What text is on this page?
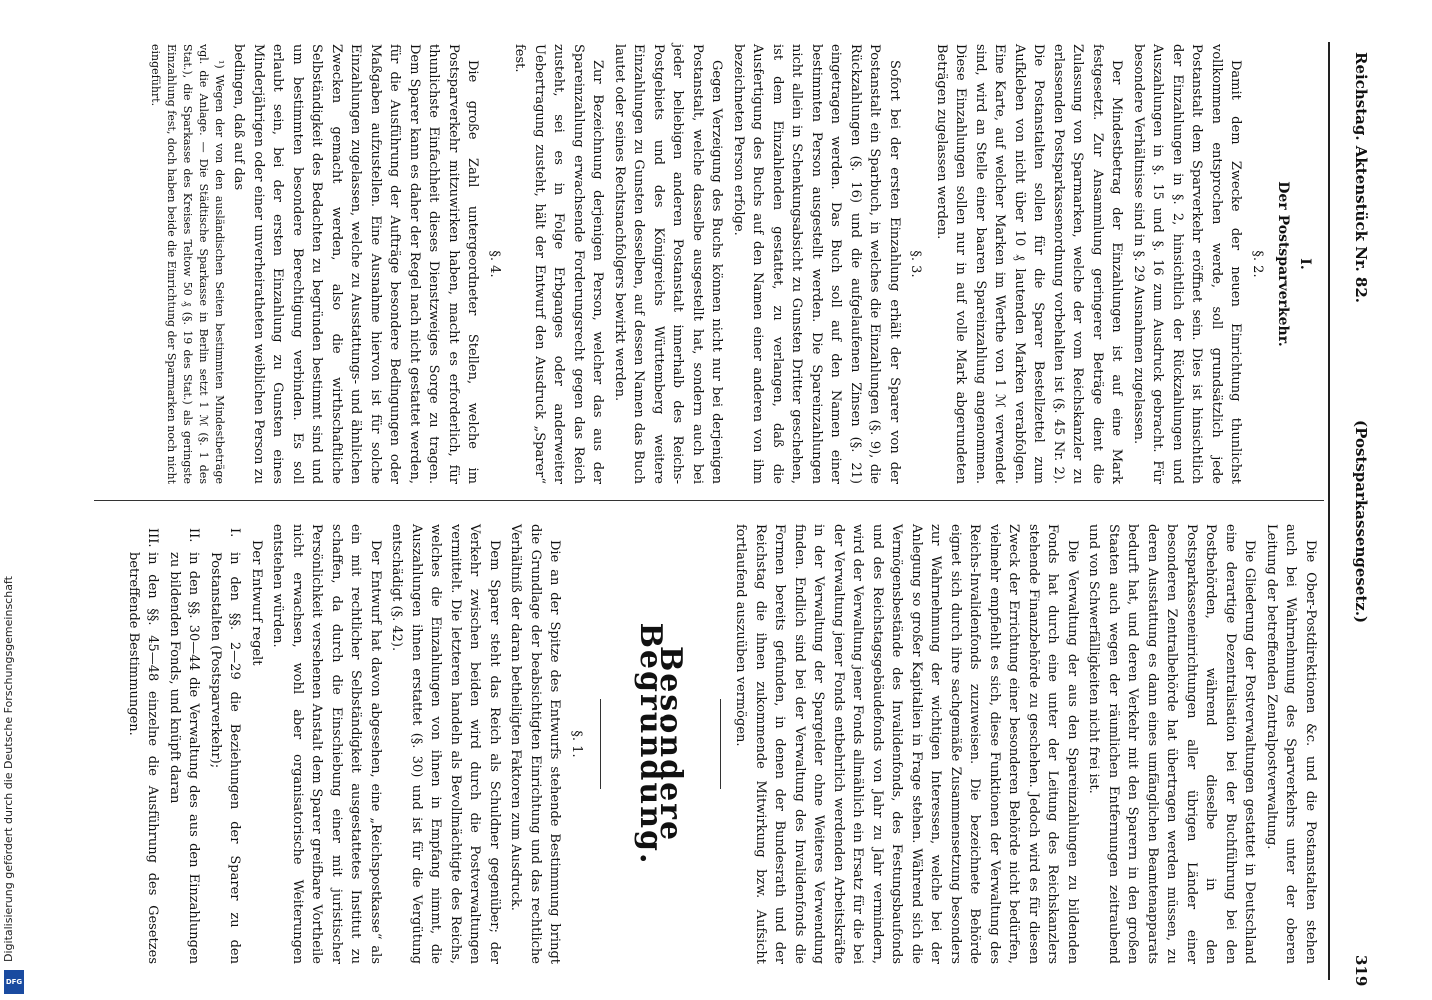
Digitalisierung gefördert durch die Deutsche Forschungsgemeinschaft
DFG
Reichstag. Aktenstück Nr. 82.
(Postsparkassengesetz.)
319
I.
Der Postsparverkehr.
§. 2.

Damit dem Zwecke der neuen Einrichtung thunlichst vollkommen entsprochen werde, soll grundsätzlich jede Postanstalt dem Sparverkehr eröffnet sein. Dies ist hinsichtlich der Einzahlungen in §. 2, hinsichtlich der Rückzahlungen und Auszahlungen in §. 15 und §. 16 zum Ausdruck gebracht. Für besondere Verhältnisse sind in §. 29 Ausnahmen zugelassen.

Der Mindestbetrag der Einzahlungen ist auf eine Mark festgesetzt. Zur Ansammlung geringerer Beträge dient die Zulassung von Sparmarken, welche der vom Reichskanzler zu erlassenden Postsparkassenordnung vorbehalten ist (§. 45 Nr. 2). Die Postanstalten sollen für die Sparer Bestellzettel zum Aufkleben von nicht über 10 ₰ lautenden Marken verabfolgen. Eine Karte, auf welcher Marken im Werthe von 1 ℳ verwendet sind, wird an Stelle einer baaren Spareinzahlung angenommen. Diese Einzahlungen sollen nur in auf volle Mark abgerundeten Beträgen zugelassen werden.

§. 3.

Sofort bei der ersten Einzahlung erhält der Sparer von der Postanstalt ein Sparbuch, in welches die Einzahlungen (§. 9), die Rückzahlungen (§. 16) und die aufgelaufenen Zinsen (§. 21) eingetragen werden. Das Buch soll auf den Namen einer bestimmten Person ausgestellt werden. Die Spareinzahlungen nicht allein in Schenkungsabsicht zu Gunsten Dritter geschehen, ist dem Einzahlenden gestattet, zu verlangen, daß die Ausfertigung des Buchs auf den Namen einer anderen von ihm bezeichneten Person erfolge.

Gegen Verzeigung des Buchs können nicht nur bei derjenigen Postanstalt, welche dasselbe ausgestellt hat, sondern auch bei jeder beliebigen anderen Postanstalt innerhalb des Reichs-Postgebiets und des Königreichs Württemberg weitere Einzahlungen zu Gunsten desselben, auf dessen Namen das Buch lautet oder seines Rechtsnachfolgers bewirkt werden.

Zur Bezeichnung derjenigen Person, welcher das aus der Spareinzahlung erwachsende Forderungsrecht gegen das Reich zusteht, sei es in Folge Erbganges oder anderweiter Uebertragung zusteht, hält der Entwurf den Ausdruck „Sparer“ fest.

§. 4.

Die große Zahl untergeordneter Stellen, welche im Postsparverkehr mitzuwirken haben, macht es erforderlich, für thunlichste Einfachheit dieses Dienstzweiges Sorge zu tragen. Dem Sparer kann es daher der Regel nach nicht gestattet werden, für die Ausführung der Aufträge besondere Bedingungen oder Maßgaben aufzustellen. Eine Ausnahme hiervon ist für solche Einzahlungen zugelassen, welche zu Ausstattungs- und ähnlichen Zwecken gemacht werden, also die wirthschaftliche Selbständigkeit des Bedachten zu begründen bestimmt sind und um bestimmten besondere Berechtigung verbinden. Es soll erlaubt sein, bei der ersten Einzahlung zu Gunsten eines Minderjährigen oder einer unverheiratheten weiblichen Person zu bedingen, daß auf das

¹) Wegen der von den ausländischen Seiten bestimmten Mindestbeträge vgl. die Anlage. — Die Städtische Sparkasse in Berlin setzt 1 ℳ (§. 1 des Stat.), die Sparkasse des Kreises Teltow 50 ₰ (§. 19 des Stat.) als geringste Einzahlung fest, doch haben beide die Einrichtung der Sparmarken noch nicht eingeführt.

Die Ober-Postdirektionen &c. und die Postanstalten stehen auch bei Wahrnehmung des Sparverkehrs unter der oberen Leitung der betreffenden Zentralpostverwaltung.

Die Gliederung der Postverwaltungen gestattet in Deutschland eine derartige Dezentralisation bei der Buchführung bei den Postbehörden, während dieselbe in den Postsparkasseneinrichtungen aller übrigen Länder einer besonderen Zentralbehörde hat übertragen werden müssen, zu deren Ausstattung es dann eines umfänglichen Beamtenapparats bedurft hat, und deren Verkehr mit den Sparern in den großen Staaten auch wegen der räumlichen Entfernungen zeitraubend und von Schwerfälligkeiten nicht frei ist.

Die Verwaltung der aus den Spareinzahlungen zu bildenden Fonds hat durch eine unter der Leitung des Reichskanzlers stehende Finanzbehörde zu geschehen. Jedoch wird es für diesen Zweck der Errichtung einer besonderen Behörde nicht bedürfen, vielmehr empfiehlt es sich, diese Funktionen der Verwaltung des Reichs-Invalidenfonds zuzuweisen. Die bezeichnete Behörde eignet sich durch ihre sachgemäße Zusammensetzung besonders zur Wahrnehmung der wichtigen Interessen, welche bei der Anlegung so großer Kapitalien in Frage stehen. Während sich die Vermögensbestände des Invalidenfonds, des Festungsbaufonds und des Reichstagsgebäudefonds von Jahr zu Jahr vermindern, wird der Verwaltung jener Fonds allmählich ein Ersatz für die bei der Verwaltung jener Fonds entbehrlich werdenden Arbeitskräfte in der Verwaltung der Spargelder ohne Weiteres Verwendung finden. Endlich sind bei der Verwaltung des Invalidenfonds die Formen bereits gefunden, in denen der Bundesrath und der Reichstag die ihnen zukommende Mitwirkung bzw. Aufsicht fortlaufend auszuüben vermögen.

Besondere Begründung.
§. 1.

Die an der Spitze des Entwurfs stehende Bestimmung bringt die Grundlage der beabsichtigten Einrichtung und das rechtliche Verhältniß der daran betheiligten Faktoren zum Ausdruck.

Dem Sparer steht das Reich als Schuldner gegenüber; der Verkehr zwischen beiden wird durch die Postverwaltungen vermittelt. Die letzteren handeln als Bevollmächtigte des Reichs, welches die Einzahlungen von ihnen in Empfang nimmt, die Auszahlungen ihnen erstattet (§. 30) und ist für die Vergütung entschädigt (§. 42).

Der Entwurf hat davon abgesehen, eine „Reichspostkasse“ als ein mit rechtlicher Selbständigkeit ausgestattetes Institut zu schaffen, da durch die Einschiebung einer mit juristischer Persönlichkeit versehenen Anstalt dem Sparer greifbare Vortheile nicht erwachsen, wohl aber organisatorische Weiterungen entstehen würden.

Der Entwurf regelt

I.
in den §§. 2—29 die Beziehungen der Sparer zu den Postanstalten (Postsparverkehr);

II.
in den §§. 30—44 die Verwaltung des aus den Einzahlungen zu bildenden Fonds, und knüpft daran

III.
in den §§. 45—48 einzelne die Ausführung des Gesetzes betreffende Bestimmungen.
